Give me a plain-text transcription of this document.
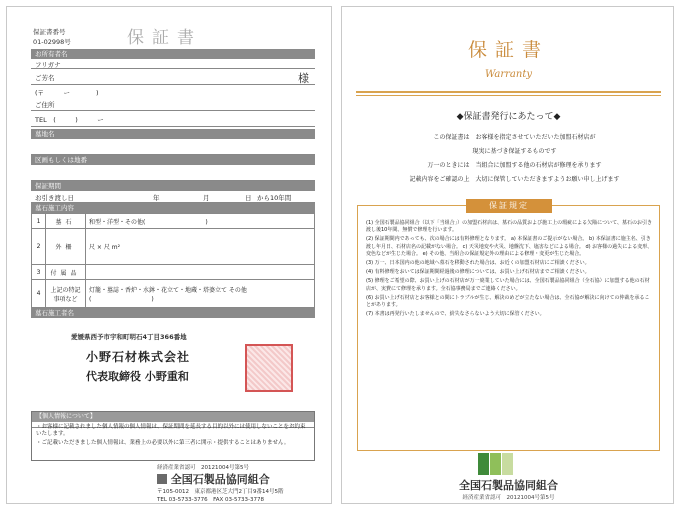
保証書番号
01-02998号	保証書
お所有者名
フリガナ
ご芳名	様
(〒　　　ー　　　　)
ご住所
TEL　(　　　)　　　ー
墓地名
区画もしくは地番
保証期間
お引き渡し日	年	月	日 から10年間
墓石施工内容
1	墓石	和型・洋型・その他(　　　　　　　　　　)
2	外柵	尺 × 尺 m²
3	付属品	
4	上記の特記事項など	灯籠・墓誌・香炉・水鉢・花立て・地蔵・塔婆立て その他(　　　　　　　　　　)
墓石施工者名
愛媛県西予市宇和町明石4丁目366番地
小野石材株式会社
代表取締役 小野重和
【個人情報について】
・お客様に記載されました個人情報の個人情報は、保証期間を延長する目的以外には使用しないことをお約束いたします。
・ご記載いただきました個人情報は、業務上の必要以外に第三者に開示・提供することはありません。
経済産業省認可　20121004号第5号
全国石製品協同組合
〒105-0012　東京都港区芝大門2丁目9番14号5階
TEL 03-5733-3776　FAX 03-5733-3778
保証書
Warranty
◆保証書発行にあたって◆

この保証書は　お客様を指定させていただいた加盟石材店が

現実に基づき保証するものです

万一のときには　当組合に加盟する他の石材店が修理を承ります

記載内容をご確認の上　大切に保管していただきますようお願い申し上げます

保証規定
(1) 全国石製品協同組合（以下「当組合」）の加盟石材店は、墓石の品質および施工上の瑕疵による欠陥について、墓石のお引き渡し後10年間、無償で修理を行います。
(2) 保証期間内であっても、次の場合には有料修理となります。 a) 本保証書のご提示がない場合。 b) 本保証書に施主名、引き渡し年月日、石材店名の記載がない場合。 c) 天災地変や火災、地盤沈下、塩害などによる場合。 d) お客様の過失による変形、変色などが生じた場合。 e) その他、当組合の保証規定外の理由による修理・変更が生じた場合。
(3) 万一、日本国内の他の地域へ墓石を移動された場合は、お近くの加盟石材店にご相談ください。
(4) 有料修理をおいては保証期間経過後の修理については、お買い上げ石材店までご相談ください。
(5) 修理をご希望の際、お買い上げの石材店が万一廃業していた場合には、全国石製品協同組合（全石協）に加盟する他の石材店が、実費にて修理を承ります。全石協事務局までご連絡ください。
(6) お買い上げ石材店とお客様との間にトラブルが生じ、解決のめどが立たない場合は、全石協が解決に向けての仲裁を承ることがあります。
(7) 本書は再発行いたしませんので、紛失なさらないよう大切に保管ください。
全国石製品協同組合
経済産業省認可　20121004号第5号
